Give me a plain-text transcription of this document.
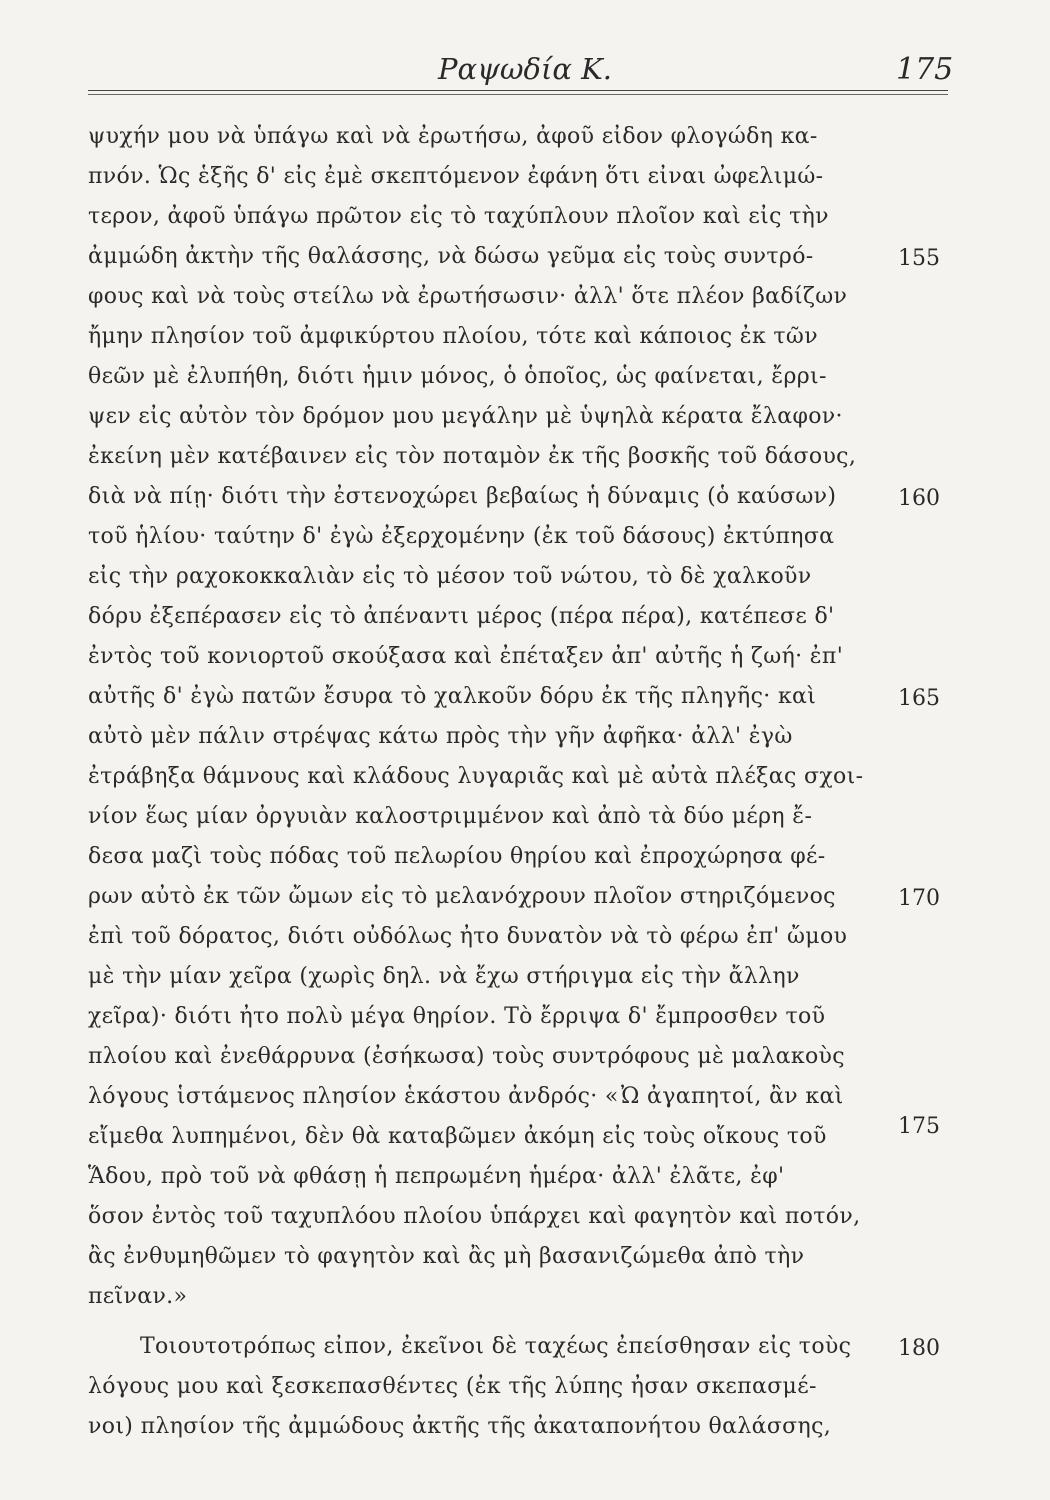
Ραψωδία Κ.	175
ψυχήν μου νὰ ὑπάγω καὶ νὰ ἐρωτήσω, ἀφοῦ εἶδον φλογώδη κα-
πνόν. Ὡς ἑξῆς δ' εἰς ἐμὲ σκεπτόμενον ἐφάνη ὅτι εἶναι ὠφελιμώ-
τερον, ἀφοῦ ὑπάγω πρῶτον εἰς τὸ ταχύπλουν πλοῖον καὶ εἰς τὴν
ἀμμώδη ἀκτὴν τῆς θαλάσσης, νὰ δώσω γεῦμα εἰς τοὺς συντρό-
φους καὶ νὰ τοὺς στείλω νὰ ἐρωτήσωσιν· ἀλλ' ὅτε πλέον βαδίζων
ἤμην πλησίον τοῦ ἀμφικύρτου πλοίου, τότε καὶ κάποιος ἐκ τῶν
θεῶν μὲ ἐλυπήθη, διότι ἧμιν μόνος, ὁ ὁποῖος, ὡς φαίνεται, ἔρρι-
ψεν εἰς αὐτὸν τὸν δρόμον μου μεγάλην μὲ ὑψηλὰ κέρατα ἔλαφον·
ἐκείνη μὲν κατέβαινεν εἰς τὸν ποταμὸν ἐκ τῆς βοσκῆς τοῦ δάσους,
διὰ νὰ πίῃ· διότι τὴν ἐστενοχώρει βεβαίως ἡ δύναμις (ὁ καύσων)
τοῦ ἡλίου· ταύτην δ' ἐγὼ ἐξερχομένην (ἐκ τοῦ δάσους) ἐκτύπησα
εἰς τὴν ραχοκοκκαλιὰν εἰς τὸ μέσον τοῦ νώτου, τὸ δὲ χαλκοῦν
δόρυ ἐξεπέρασεν εἰς τὸ ἀπέναντι μέρος (πέρα πέρα), κατέπεσε δ'
ἐντὸς τοῦ κονιορτοῦ σκούξασα καὶ ἐπέταξεν ἀπ' αὐτῆς ἡ ζωή· ἐπ'
αὐτῆς δ' ἐγὼ πατῶν ἔσυρα τὸ χαλκοῦν δόρυ ἐκ τῆς πληγῆς· καὶ
αὐτὸ μὲν πάλιν στρέψας κάτω πρὸς τὴν γῆν ἀφῆκα· ἀλλ' ἐγὼ
ἐτράβηξα θάμνους καὶ κλάδους λυγαριᾶς καὶ μὲ αὐτὰ πλέξας σχοι-
νίον ἕως μίαν ὀργυιὰν καλοστριμμένον καὶ ἀπὸ τὰ δύο μέρη ἔ-
δεσα μαζὶ τοὺς πόδας τοῦ πελωρίου θηρίου καὶ ἐπροχώρησα φέ-
ρων αὐτὸ ἐκ τῶν ὤμων εἰς τὸ μελανόχρουν πλοῖον στηριζόμενος
ἐπὶ τοῦ δόρατος, διότι οὐδόλως ἦτο δυνατὸν νὰ τὸ φέρω ἐπ' ὤμου
μὲ τὴν μίαν χεῖρα (χωρὶς δηλ. νὰ ἔχω στήριγμα εἰς τὴν ἄλλην
χεῖρα)· διότι ἦτο πολὺ μέγα θηρίον. Τὸ ἔρριψα δ' ἔμπροσθεν τοῦ
πλοίου καὶ ἐνεθάρρυνα (ἐσήκωσα) τοὺς συντρόφους μὲ μαλακοὺς
λόγους ἱστάμενος πλησίον ἑκάστου ἀνδρός· «Ὦ ἀγαπητοί, ἂν καὶ
εἴμεθα λυπημένοι, δὲν θὰ καταβῶμεν ἀκόμη εἰς τοὺς οἴκους τοῦ
Ἅδου, πρὸ τοῦ νὰ φθάσῃ ἡ πεπρωμένη ἡμέρα· ἀλλ' ἐλᾶτε, ἐφ'
ὅσον ἐντὸς τοῦ ταχυπλόου πλοίου ὑπάρχει καὶ φαγητὸν καὶ ποτόν,
ἂς ἐνθυμηθῶμεν τὸ φαγητὸν καὶ ἂς μὴ βασανιζώμεθα ἀπὸ τὴν
πεῖναν.»
Τοιουτοτρόπως εἶπον, ἐκεῖνοι δὲ ταχέως ἐπείσθησαν εἰς τοὺς
λόγους μου καὶ ξεσκεπασθέντες (ἐκ τῆς λύπης ἦσαν σκεπασμέ-
νοι) πλησίον τῆς ἀμμώδους ἀκτῆς τῆς ἀκαταπονήτου θαλάσσης,
155
160
165
170
175
180
